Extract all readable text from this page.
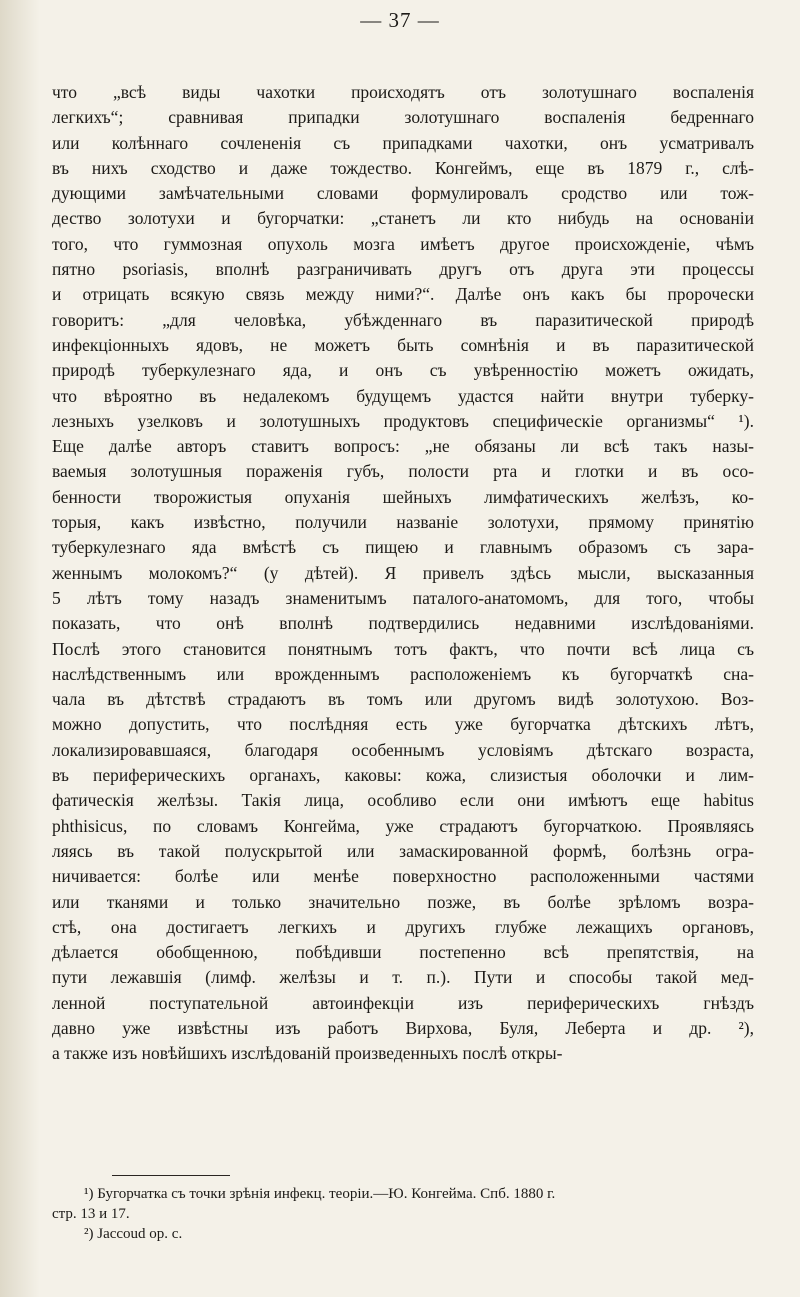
— 37 —
что „всѣ виды чахотки происходятъ отъ золотушнаго воспаленія
легкихъ“; сравнивая припадки золотушнаго воспаленія бедреннаго
или колѣннаго сочлененія съ припадками чахотки, онъ усматривалъ
въ нихъ сходство и даже тождество. Конгеймъ, еще въ 1879 г., слѣ-
дующими замѣчательными словами формулировалъ сродство или тож-
дество золотухи и бугорчатки: „станетъ ли кто нибудь на основаніи
того, что гуммозная опухоль мозга имѣетъ другое происхожденіе, чѣмъ
пятно psoriasis, вполнѣ разграничивать другъ отъ друга эти процессы
и отрицать всякую связь между ними?“. Далѣе онъ какъ бы пророчески
говоритъ: „для человѣка, убѣжденнаго въ паразитической природѣ
инфекціонныхъ ядовъ, не можетъ быть сомнѣнія и въ паразитической
природѣ туберкулезнаго яда, и онъ съ увѣренностію можетъ ожидать,
что вѣроятно въ недалекомъ будущемъ удастся найти внутри туберку-
лезныхъ узелковъ и золотушныхъ продуктовъ специфическіе организмы“ ¹).
Еще далѣе авторъ ставитъ вопросъ: „не обязаны ли всѣ такъ назы-
ваемыя золотушныя пораженія губъ, полости рта и глотки и въ осо-
бенности творожистыя опуханія шейныхъ лимфатическихъ желѣзъ, ко-
торыя, какъ извѣстно, получили названіе золотухи, прямому принятію
туберкулезнаго яда вмѣстѣ съ пищею и главнымъ образомъ съ зара-
женнымъ молокомъ?“ (у дѣтей). Я привелъ здѣсь мысли, высказанныя
5 лѣтъ тому назадъ знаменитымъ паталого-анатомомъ, для того, чтобы
показать, что онѣ вполнѣ подтвердились недавними изслѣдованіями.
Послѣ этого становится понятнымъ тотъ фактъ, что почти всѣ лица съ
наслѣдственнымъ или врожденнымъ расположеніемъ къ бугорчаткѣ сна-
чала въ дѣтствѣ страдаютъ въ томъ или другомъ видѣ золотухою. Воз-
можно допустить, что послѣдняя есть уже бугорчатка дѣтскихъ лѣтъ,
локализировавшаяся, благодаря особеннымъ условіямъ дѣтскаго возраста,
въ периферическихъ органахъ, каковы: кожа, слизистыя оболочки и лим-
фатическія желѣзы. Такія лица, особливо если они имѣютъ еще habitus
phthisicus, по словамъ Конгейма, уже страдаютъ бугорчаткою. Проявляясь
ляясь въ такой полускрытой или замаскированной формѣ, болѣзнь огра-
ничивается: болѣе или менѣе поверхностно расположенными частями
или тканями и только значительно позже, въ болѣе зрѣломъ возра-
стѣ, она достигаетъ легкихъ и другихъ глубже лежащихъ органовъ,
дѣлается обобщенною, побѣдивши постепенно всѣ препятствія, на
пути лежавшія (лимф. желѣзы и т. п.). Пути и способы такой мед-
ленной поступательной автоинфекціи изъ периферическихъ гнѣздъ
давно уже извѣстны изъ работъ Вирхова, Буля, Леберта и др. ²),
а также изъ новѣйшихъ изслѣдованій произведенныхъ послѣ откры-
¹) Бугорчатка съ точки зрѣнія инфекц. теоріи.—Ю. Конгейма. Спб. 1880 г.
стр. 13 и 17.
²) Jaccoud op. c.
